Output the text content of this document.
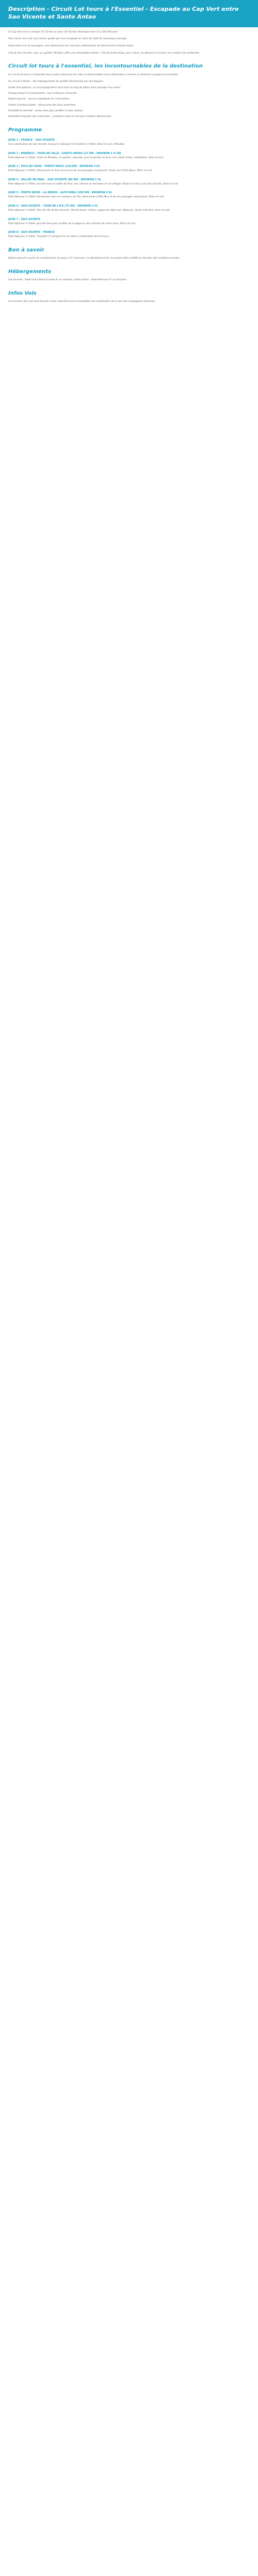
Description - Circuit Lot tours à l'Essentiel - Escapade au Cap Vert entre Sao Vicente et Santo Antao

Le Cap Vert est un archipel de 10 îles au cœur de l'Océan Atlantique face à la côte Africaine.

Vous serez ravi.e de vous laisser guider par une escapade au cœur de cette île volcanique sauvage.

Situé entre mer et montagne, vous découvrirez les charmes authentiques de Sao Vicente et Santo Antao.

L'île de Sao Vicente, avec sa capitale, Mindelo, offre une atmosphère festive ; l'île de Santo Antao, plus nature, se découvre à travers ses sentiers de randonnée.

Circuit lot tours à l'essentiel, les incontournables de la destination

Un circuit lot tours à l'essentiel vous invite à découvrir les sites incontournables d'une destination à travers un itinéraire complet et accessible.

Un circuit 4 étoiles : des hébergements de qualité sélectionnés par nos équipes.
Guide francophone : un accompagnateur local tout au long du séjour pour partager son savoir.
Groupe jusqu'à 15 participants : une ambiance conviviale.
Départ garanti : aucune inquiétude sur l'annulation.
Visites incontournables : découverte des lieux essentiels.
Flexibilité & sérénité : temps libre pour profiter à votre rythme.
Possibilité d'ajouter des extensions : combinez votre circuit avec d'autres découvertes.
Programme
JOUR 1 : FRANCE - SAO VICENTE

Vol à destination de Sao Vicente. Accueil à l'aéroport et transfert à l'hôtel. Dîner et nuit à Mindelo.

JOUR 2 : MINDELO - TOUR DE VILLE - SANTO ANTAO (27 KM - ENVIRON 1 H 30)

Petit déjeuner à l'hôtel. Visite de Mindelo, la capitale culturelle, puis traversée en ferry vers Santo Antao. Installation, dîner et nuit.

JOUR 3 : PICO DA CRUZ - PORTO NOVO (130 KM - ENVIRON 3 H)

Petit déjeuner à l'hôtel. Découverte du Pico da Cruz et de ses paysages verdoyants. Route vers Porto Novo. Dîner et nuit.

JOUR 4 : VALLÉE DE PAUL - SAO VICENTE (80 KM - ENVIRON 2 H)

Petit déjeuner à l'hôtel. Journée dans la vallée de Paul, ses cultures en terrasses et ses villages. Retour en ferry vers Sao Vicente. Dîner et nuit.

JOUR 5 : PORTO NOVO - LA REDOS - ALTO MIRA (100 KM - ENVIRON 3 H)

Petit déjeuner à l'hôtel. Randonnée dans les hauteurs de l'île, découverte d'Alto Mira et de ses paysages volcaniques. Dîner et nuit.

JOUR 6 : SAO VICENTE - TOUR DE L'ÎLE (75 KM - ENVIRON 3 H)

Petit déjeuner à l'hôtel. Tour de l'île de Sao Vicente : Monte Verde, Calhau, plages de sable noir. Déjeuner, après-midi libre, dîner et nuit.

JOUR 7 : SAO VICENTE

Petit déjeuner à l'hôtel. Journée libre pour profiter de la plage ou des activités de votre choix. Dîner et nuit.

JOUR 8 : SAO VICENTE - FRANCE

Petit déjeuner à l'hôtel. Transfert à l'aéroport et vol retour à destination de la France.

Bon à savoir

Départ garanti à partir de 2 participants et jusqu'à 15 maximum. Le déroulement du circuit peut être modifié en fonction des conditions locales.

Hébergements

Sao Vicente : Hotel Oasis Porto Grande 4* ou similaire. Santo Antao : Hotel Pedracin 4* ou similaire.

Infos Vols

Les horaires des vols sont donnés à titre indicatif et sont susceptibles de modification de la part des compagnies aériennes.
